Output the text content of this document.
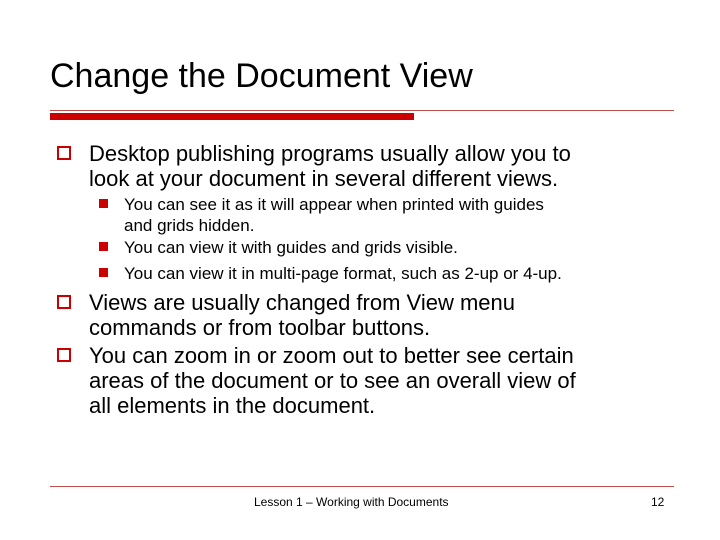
Change the Document View
Desktop publishing programs usually allow you to
look at your document in several different views.
You can see it as it will appear when printed with guides
and grids hidden.
You can view it with guides and grids visible.
You can view it in multi-page format, such as 2-up or 4-up.
Views are usually changed from View menu
commands or from toolbar buttons.
You can zoom in or zoom out to better see certain
areas of the document or to see an overall view of
all elements in the document.
Lesson 1 – Working with Documents	12
